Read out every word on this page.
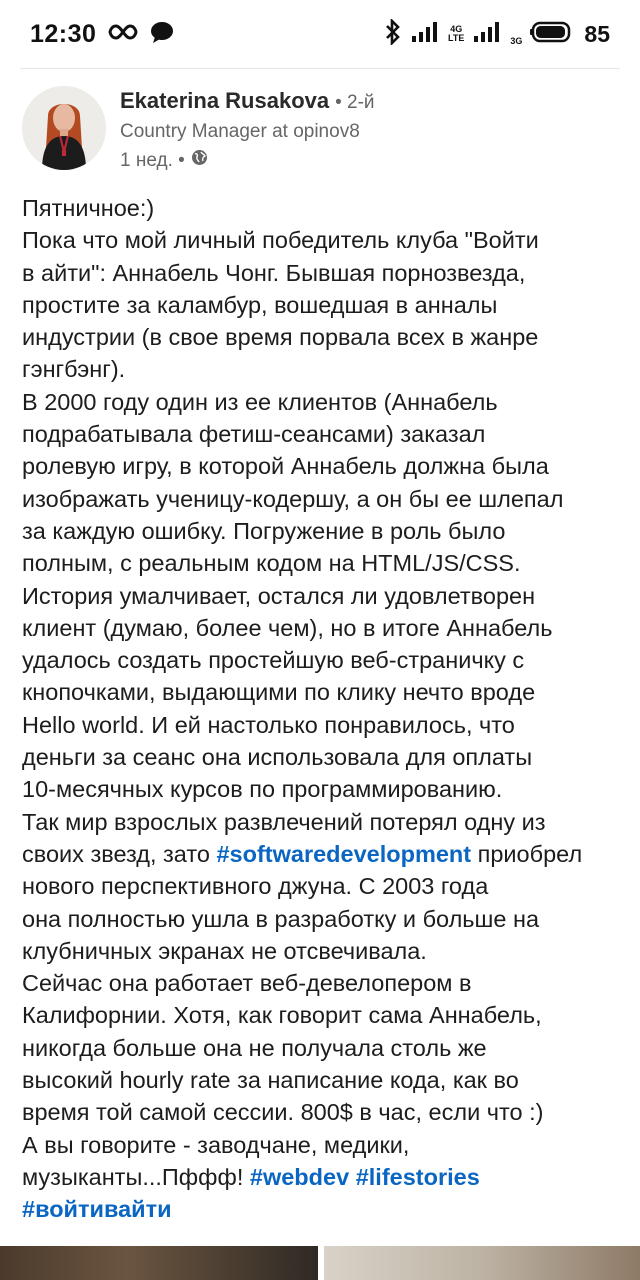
12:30	4G
LTE	3G	85
Ekaterina Rusakova • 2-й
Country Manager at opinov8
1 нед. •

Пятничное:)

Пока что мой личный победитель клуба "Войти

в айти": Аннабель Чонг. Бывшая порнозвезда,

простите за каламбур, вошедшая в анналы

индустрии (в свое время порвала всех в жанре

гэнгбэнг).

В 2000 году один из ее клиентов (Аннабель

подрабатывала фетиш-сеансами) заказал

ролевую игру, в которой Аннабель должна была

изображать ученицу-кодершу, а он бы ее шлепал

за каждую ошибку. Погружение в роль было

полным, с реальным кодом на HTML/JS/CSS.

История умалчивает, остался ли удовлетворен

клиент (думаю, более чем), но в итоге Аннабель

удалось создать простейшую веб-страничку с

кнопочками, выдающими по клику нечто вроде

Hello world. И ей настолько понравилось, что

деньги за сеанс она использовала для оплаты

10-месячных курсов по программированию.

Так мир взрослых развлечений потерял одну из

своих звезд, зато #softwaredevelopment приобрел

нового перспективного джуна. С 2003 года

она полностью ушла в разработку и больше на

клубничных экранах не отсвечивала.

Сейчас она работает веб-девелопером в

Калифорнии. Хотя, как говорит сама Аннабель,

никогда больше она не получала столь же

высокий hourly rate за написание кода, как во

время той самой сессии. 800$ в час, если что :)

А вы говорите - заводчане, медики,

музыканты...Пффф! #webdev #lifestories

#войтивайти
